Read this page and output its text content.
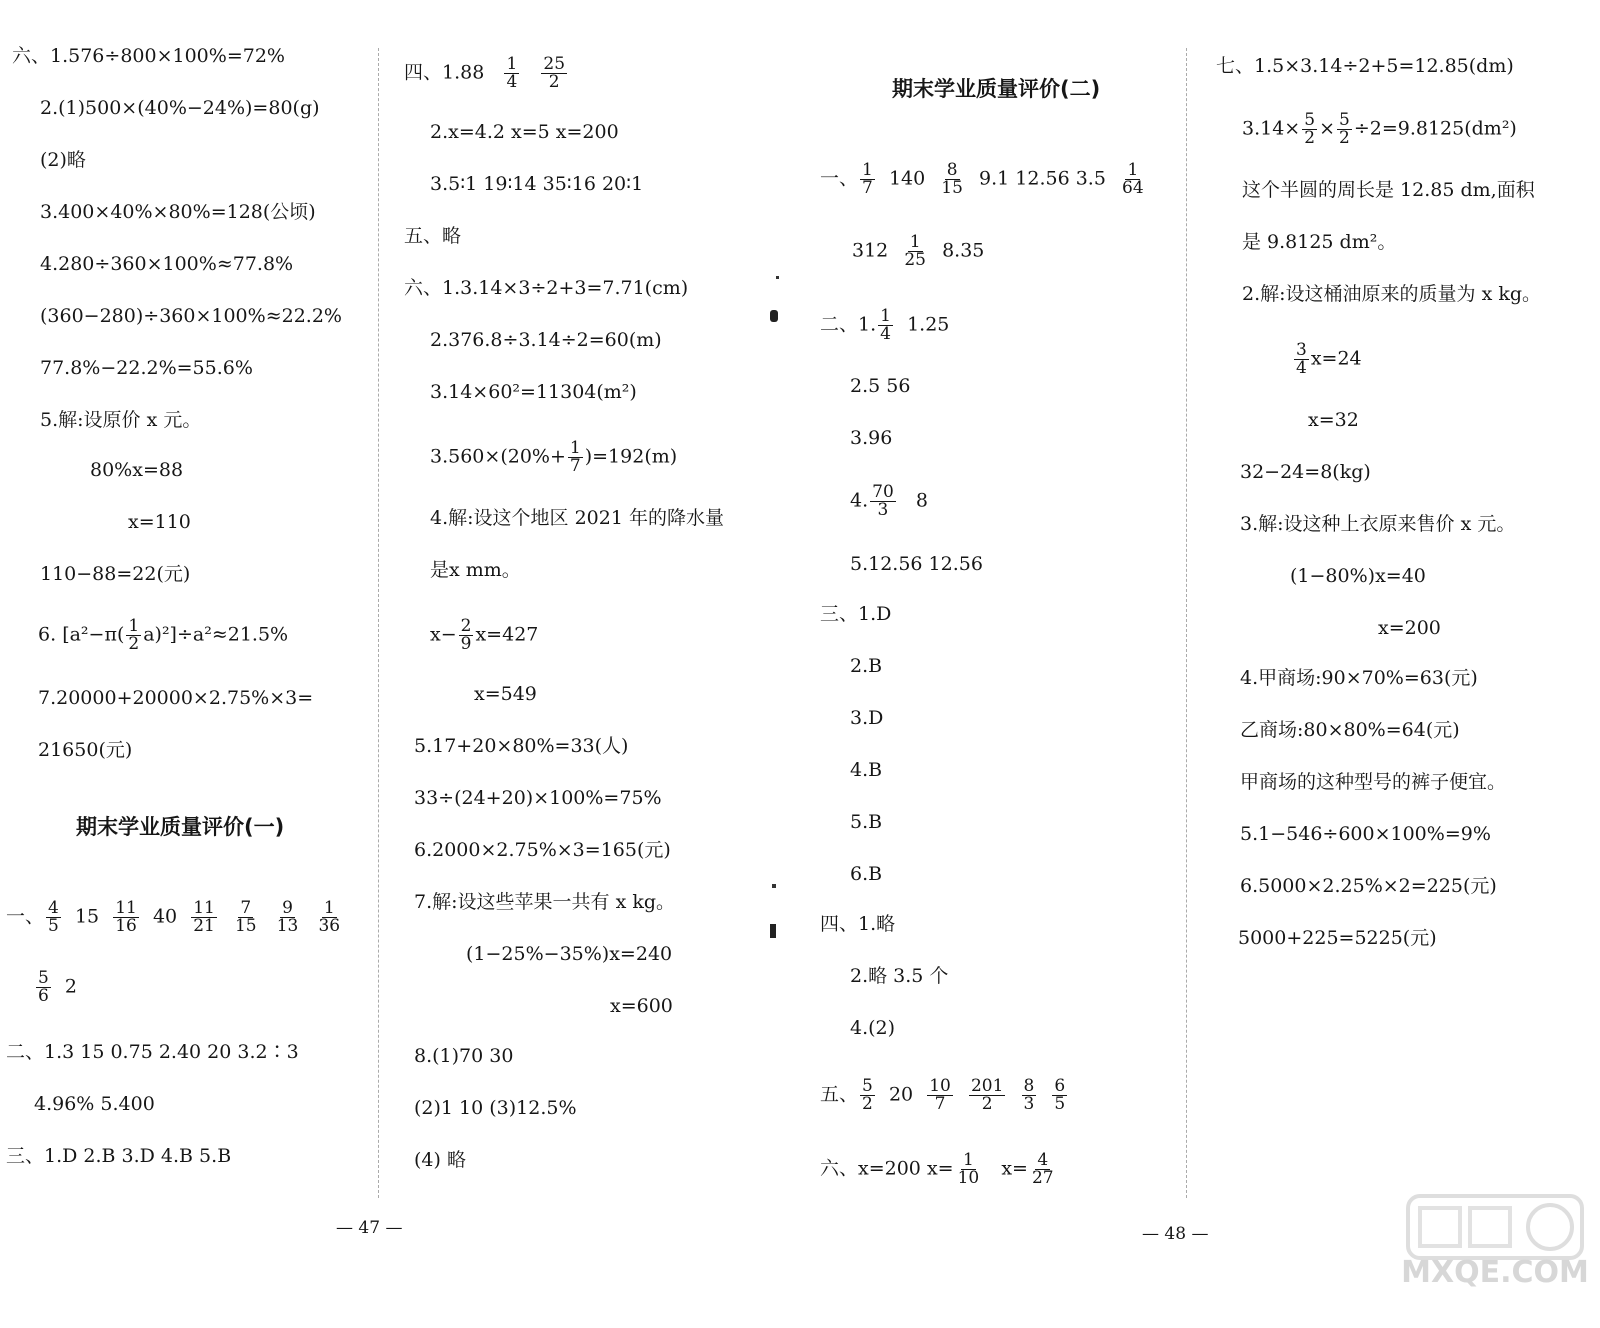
六、1.576÷800×100%=72%
2.(1)500×(40%−24%)=80(g)
(2)略
3.400×40%×80%=128(公顷)
4.280÷360×100%≈77.8%
(360−280)÷360×100%≈22.2%
77.8%−22.2%=55.6%
5.解:设原价 x 元。
80%x=88
x=110
110−88=22(元)
6. $[a^2-\pi( \frac{1}{2} a)^2]\div a^2\approx 21.5\%$
7.20000+20000×2.75%×3=
21650(元)
期末学业质量评价(一)
一、 $\frac{4}{5} 15 \frac{11}{16} 40 \frac{11}{21}$
$\frac{7}{15}$
$\frac{9}{13}$
$\frac{1}{36}$
$\frac{5}{6} 2$
二、1.3 15 0.75 2.40 20 3.2∶3
4.96% 5.400
三、1.D 2.B 3.D 4.B 5.B
四、$1.88 \frac{1}{4}$
$\frac{25}{2}$
2.x=4.2 x=5 x=200
3.5∶1 19∶14 35∶16 20∶1
五、略
六、1.3.14×3÷2+3=7.71(cm)
2.376.8÷3.14÷2=60(m)
3.14×60²=11304(m²)
$3.560\times(20\%+ \frac{1}{7} )=192(m)$
4.解:设这个地区 2021 年的降水量
是x mm。
$x- \frac{2}{9} x=427$
x=549
5.17+20×80%=33(人)
33÷(24+20)×100%=75%
6.2000×2.75%×3=165(元)
7.解:设这些苹果一共有 x kg。
(1−25%−35%)x=240
x=600
8.(1)70 30
(2)1 10 (3)12.5%
(4) 略
— 47 —
期末学业质量评价(二)
一、 $\frac{1}{7} 140 \frac{8}{15} 9.1$ 12.56 $3.5 \frac{1}{64}$
$312 \frac{1}{25} 8.35$
二、1. $\frac{1}{4} 1.25$
2.5 56
3.96
4. $\frac{70}{3} 8$
5.12.56 12.56
三、1.D
2.B
3.D
4.B
5.B
6.B
四、1.略
2.略 3.5 个
4.(2)
五、 $\frac{5}{2} 20 \frac{10}{7}$
$\frac{201}{2}$
$\frac{8}{3}$
$\frac{6}{5}$
六、x=200 $x= \frac{1}{10} x= \frac{4}{27}$
七、1.5×3.14÷2+5=12.85(dm)
$3.14\times \frac{5}{2} \times \frac{5}{2} \div 2=9.8125(dm^2)$
这个半圆的周长是 12.85 dm,面积
是 9.8125 dm²。
2.解:设这桶油原来的质量为 x kg。
$\frac{3}{4} x=24$
x=32
32−24=8(kg)
3.解:设这种上衣原来售价 x 元。
(1−80%)x=40
x=200
4.甲商场:90×70%=63(元)
乙商场:80×80%=64(元)
甲商场的这种型号的裤子便宜。
5.1−546÷600×100%=9%
6.5000×2.25%×2=225(元)
5000+225=5225(元)
— 48 —
MXQE.COM
